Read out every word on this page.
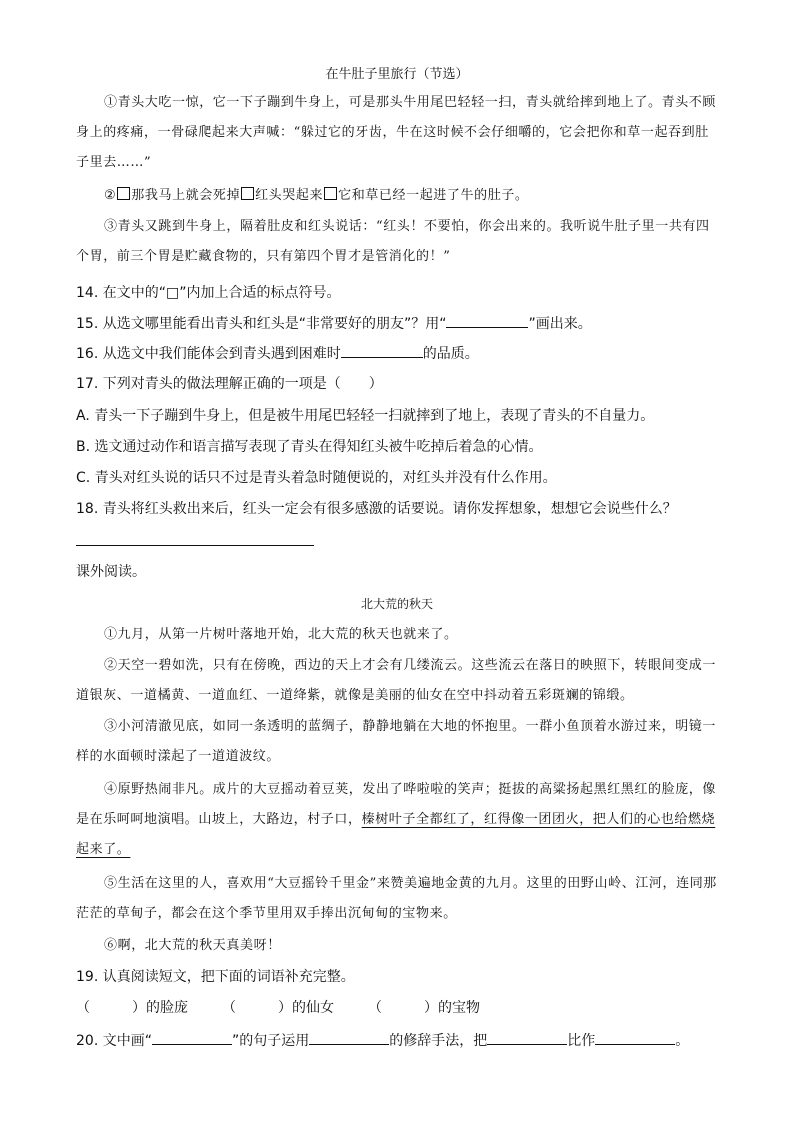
在牛肚子里旅行（节选）
①青头大吃一惊，它一下子蹦到牛身上，可是那头牛用尾巴轻轻一扫，青头就给摔到地上了。青头不顾身上的疼痛，一骨碌爬起来大声喊：“躲过它的牙齿，牛在这时候不会仔细嚼的，它会把你和草一起吞到肚子里去……”
② 那我马上就会死掉 红头哭起来 它和草已经一起进了牛的肚子。
③青头又跳到牛身上，隔着肚皮和红头说话：“红头！不要怕，你会出来的。我听说牛肚子里一共有四个胃，前三个胃是贮藏食物的，只有第四个胃才是管消化的！”
14. 在文中的“□”内加上合适的标点符号。
15. 从选文哪里能看出青头和红头是“非常要好的朋友”？用“	”画出来。
16. 从选文中我们能体会到青头遇到困难时	的品质。
17. 下列对青头的做法理解正确的一项是（　　）
A. 青头一下子蹦到牛身上，但是被牛用尾巴轻轻一扫就摔到了地上，表现了青头的不自量力。
B. 选文通过动作和语言描写表现了青头在得知红头被牛吃掉后着急的心情。
C. 青头对红头说的话只不过是青头着急时随便说的，对红头并没有什么作用。
18. 青头将红头救出来后，红头一定会有很多感激的话要说。请你发挥想象，想想它会说些什么？
课外阅读。
北大荒的秋天
①九月，从第一片树叶落地开始，北大荒的秋天也就来了。
②天空一碧如洗，只有在傍晚，西边的天上才会有几缕流云。这些流云在落日的映照下，转眼间变成一道银灰、一道橘黄、一道血红、一道绛紫，就像是美丽的仙女在空中抖动着五彩斑斓的锦缎。
③小河清澈见底，如同一条透明的蓝绸子，静静地躺在大地的怀抱里。一群小鱼顶着水游过来，明镜一样的水面顿时漾起了一道道波纹。
④原野热闹非凡。成片的大豆摇动着豆荚，发出了哗啦啦的笑声；挺拔的高粱扬起黑红黑红的脸庞，像是在乐呵呵地演唱。山坡上，大路边，村子口，榛树叶子全都红了，红得像一团团火，把人们的心也给燃烧起来了。
⑤生活在这里的人，喜欢用“大豆摇铃千里金”来赞美遍地金黄的九月。这里的田野山岭、江河，连同那茫茫的草甸子，都会在这个季节里用双手捧出沉甸甸的宝物来。
⑥啊，北大荒的秋天真美呀！
19. 认真阅读短文，把下面的词语补充完整。
（　　　）的脸庞 （　　　）的仙女 （　　　）的宝物
20. 文中画“	”的句子运用	的修辞手法，把	比作	。
